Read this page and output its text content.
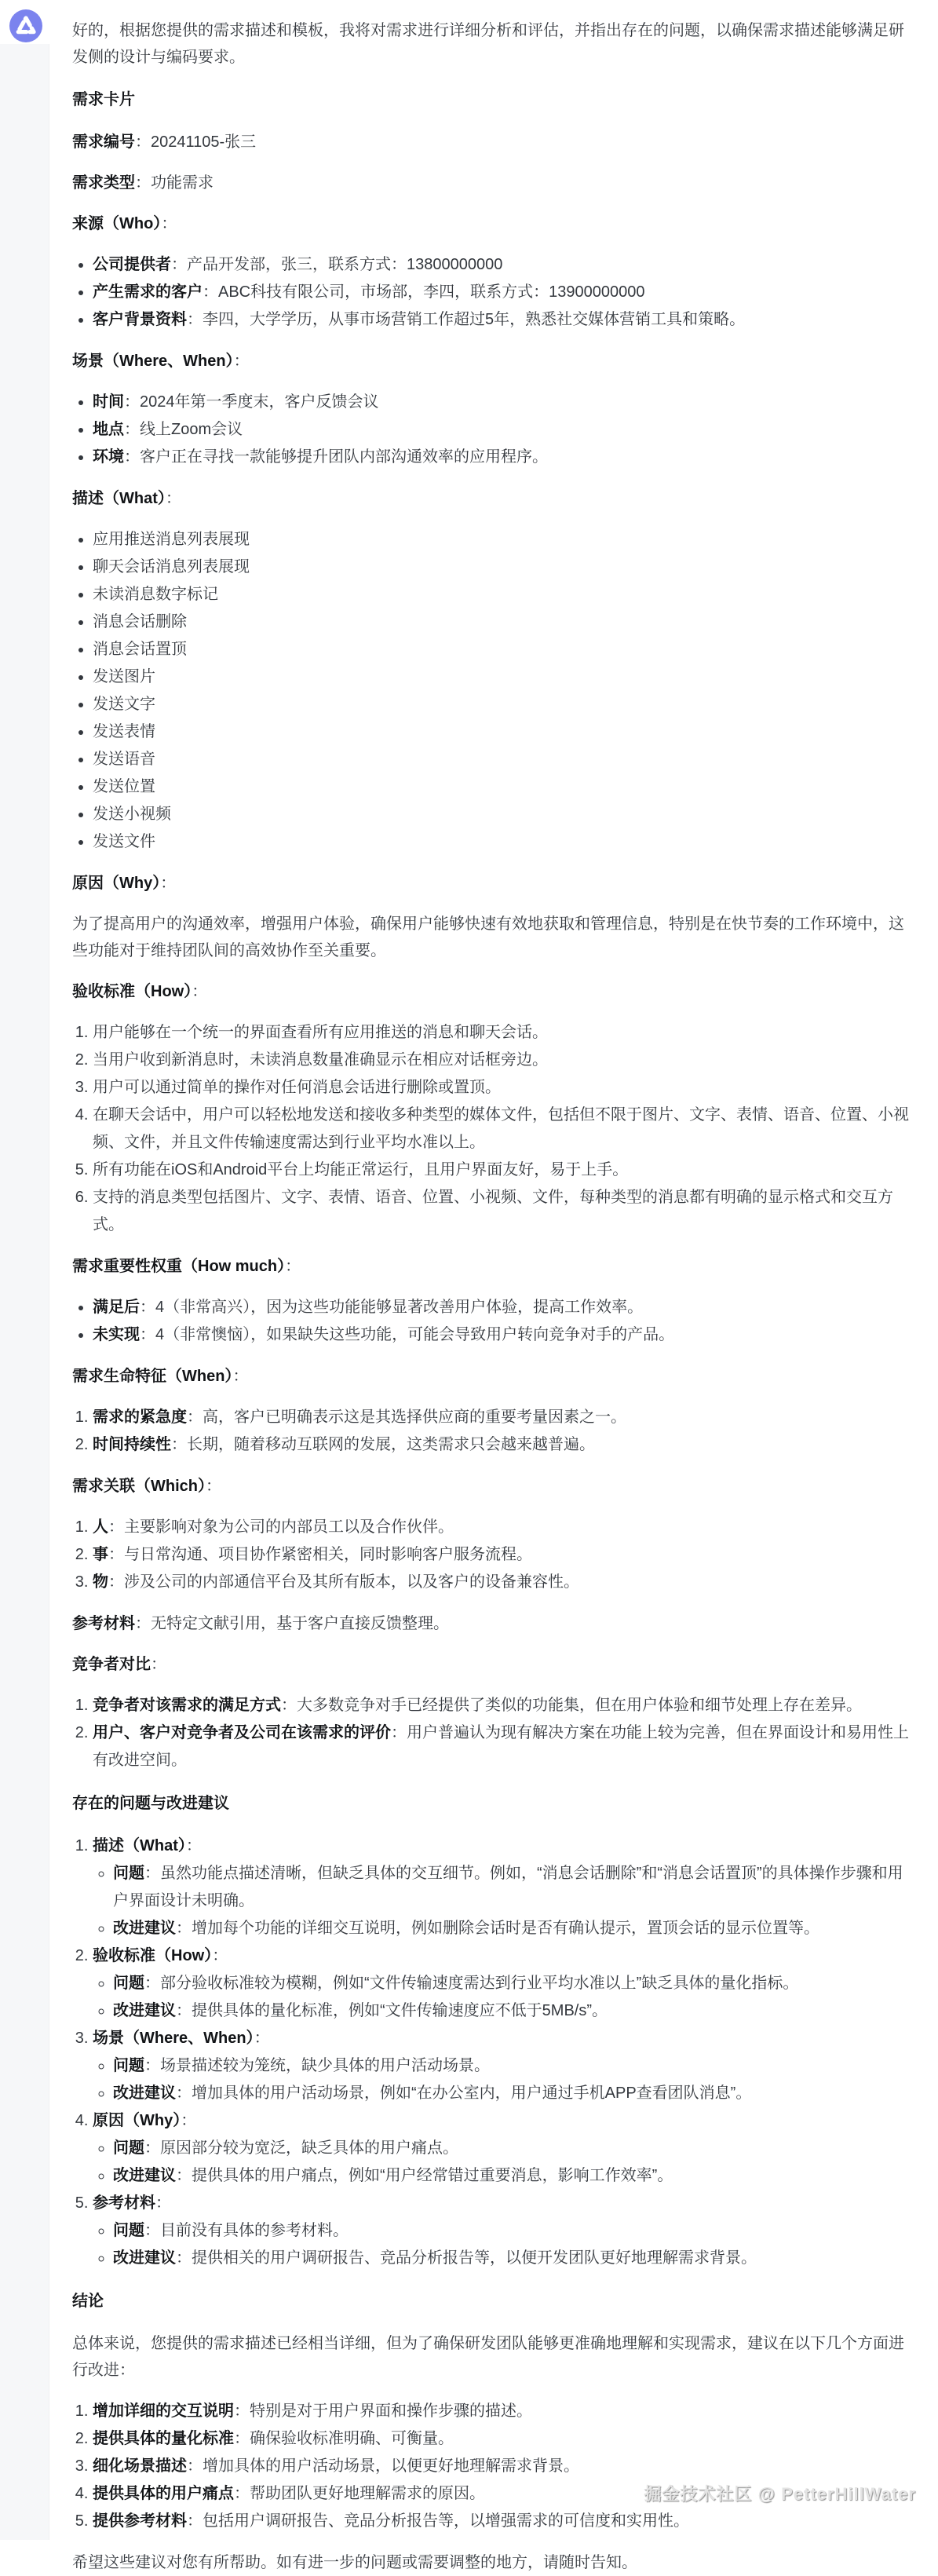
好的，根据您提供的需求描述和模板，我将对需求进行详细分析和评估，并指出存在的问题，以确保需求描述能够满足研发侧的设计与编码要求。

需求卡片

需求编号：20241105-张三

需求类型：功能需求

来源（Who）：

• 公司提供者：产品开发部，张三，联系方式：13800000000
• 产生需求的客户：ABC科技有限公司，市场部，李四，联系方式：13900000000
• 客户背景资料：李四，大学学历，从事市场营销工作超过5年，熟悉社交媒体营销工具和策略。

场景（Where、When）：

• 时间：2024年第一季度末，客户反馈会议
• 地点：线上Zoom会议
• 环境：客户正在寻找一款能够提升团队内部沟通效率的应用程序。

描述（What）：

• 应用推送消息列表展现
• 聊天会话消息列表展现
• 未读消息数字标记
• 消息会话删除
• 消息会话置顶
• 发送图片
• 发送文字
• 发送表情
• 发送语音
• 发送位置
• 发送小视频
• 发送文件

原因（Why）：

为了提高用户的沟通效率，增强用户体验，确保用户能够快速有效地获取和管理信息，特别是在快节奏的工作环境中，这些功能对于维持团队间的高效协作至关重要。

验收标准（How）：

1. 用户能够在一个统一的界面查看所有应用推送的消息和聊天会话。
2. 当用户收到新消息时，未读消息数量准确显示在相应对话框旁边。
3. 用户可以通过简单的操作对任何消息会话进行删除或置顶。
4. 在聊天会话中，用户可以轻松地发送和接收多种类型的媒体文件，包括但不限于图片、文字、表情、语音、位置、小视频、文件，并且文件传输速度需达到行业平均水准以上。
5. 所有功能在iOS和Android平台上均能正常运行，且用户界面友好，易于上手。
6. 支持的消息类型包括图片、文字、表情、语音、位置、小视频、文件，每种类型的消息都有明确的显示格式和交互方式。

需求重要性权重（How much）：

• 满足后：4（非常高兴），因为这些功能能够显著改善用户体验，提高工作效率。
• 未实现：4（非常懊恼），如果缺失这些功能，可能会导致用户转向竞争对手的产品。

需求生命特征（When）：

1. 需求的紧急度：高，客户已明确表示这是其选择供应商的重要考量因素之一。
2. 时间持续性：长期，随着移动互联网的发展，这类需求只会越来越普遍。

需求关联（Which）：

1. 人：主要影响对象为公司的内部员工以及合作伙伴。
2. 事：与日常沟通、项目协作紧密相关，同时影响客户服务流程。
3. 物：涉及公司的内部通信平台及其所有版本，以及客户的设备兼容性。

参考材料：无特定文献引用，基于客户直接反馈整理。

竞争者对比：

1. 竞争者对该需求的满足方式：大多数竞争对手已经提供了类似的功能集，但在用户体验和细节处理上存在差异。
2. 用户、客户对竞争者及公司在该需求的评价：用户普遍认为现有解决方案在功能上较为完善，但在界面设计和易用性上有改进空间。
存在的问题与改进建议
1. 描述（What）：
◦ 问题：虽然功能点描述清晰，但缺乏具体的交互细节。例如，“消息会话删除”和“消息会话置顶”的具体操作步骤和用户界面设计未明确。
◦ 改进建议：增加每个功能的详细交互说明，例如删除会话时是否有确认提示，置顶会话的显示位置等。
2. 验收标准（How）：
◦ 问题：部分验收标准较为模糊，例如“文件传输速度需达到行业平均水准以上”缺乏具体的量化指标。
◦ 改进建议：提供具体的量化标准，例如“文件传输速度应不低于5MB/s”。
3. 场景（Where、When）：
◦ 问题：场景描述较为笼统，缺少具体的用户活动场景。
◦ 改进建议：增加具体的用户活动场景，例如“在办公室内，用户通过手机APP查看团队消息”。
4. 原因（Why）：
◦ 问题：原因部分较为宽泛，缺乏具体的用户痛点。
◦ 改进建议：提供具体的用户痛点，例如“用户经常错过重要消息，影响工作效率”。
5. 参考材料：
◦ 问题：目前没有具体的参考材料。
◦ 改进建议：提供相关的用户调研报告、竞品分析报告等，以便开发团队更好地理解需求背景。
结论

总体来说，您提供的需求描述已经相当详细，但为了确保研发团队能够更准确地理解和实现需求，建议在以下几个方面进行改进：

1. 增加详细的交互说明：特别是对于用户界面和操作步骤的描述。
2. 提供具体的量化标准：确保验收标准明确、可衡量。
3. 细化场景描述：增加具体的用户活动场景，以便更好地理解需求背景。
4. 提供具体的用户痛点：帮助团队更好地理解需求的原因。
5. 提供参考材料：包括用户调研报告、竞品分析报告等，以增强需求的可信度和实用性。

希望这些建议对您有所帮助。如有进一步的问题或需要调整的地方，请随时告知。

掘金技术社区 @ PetterHillWater
